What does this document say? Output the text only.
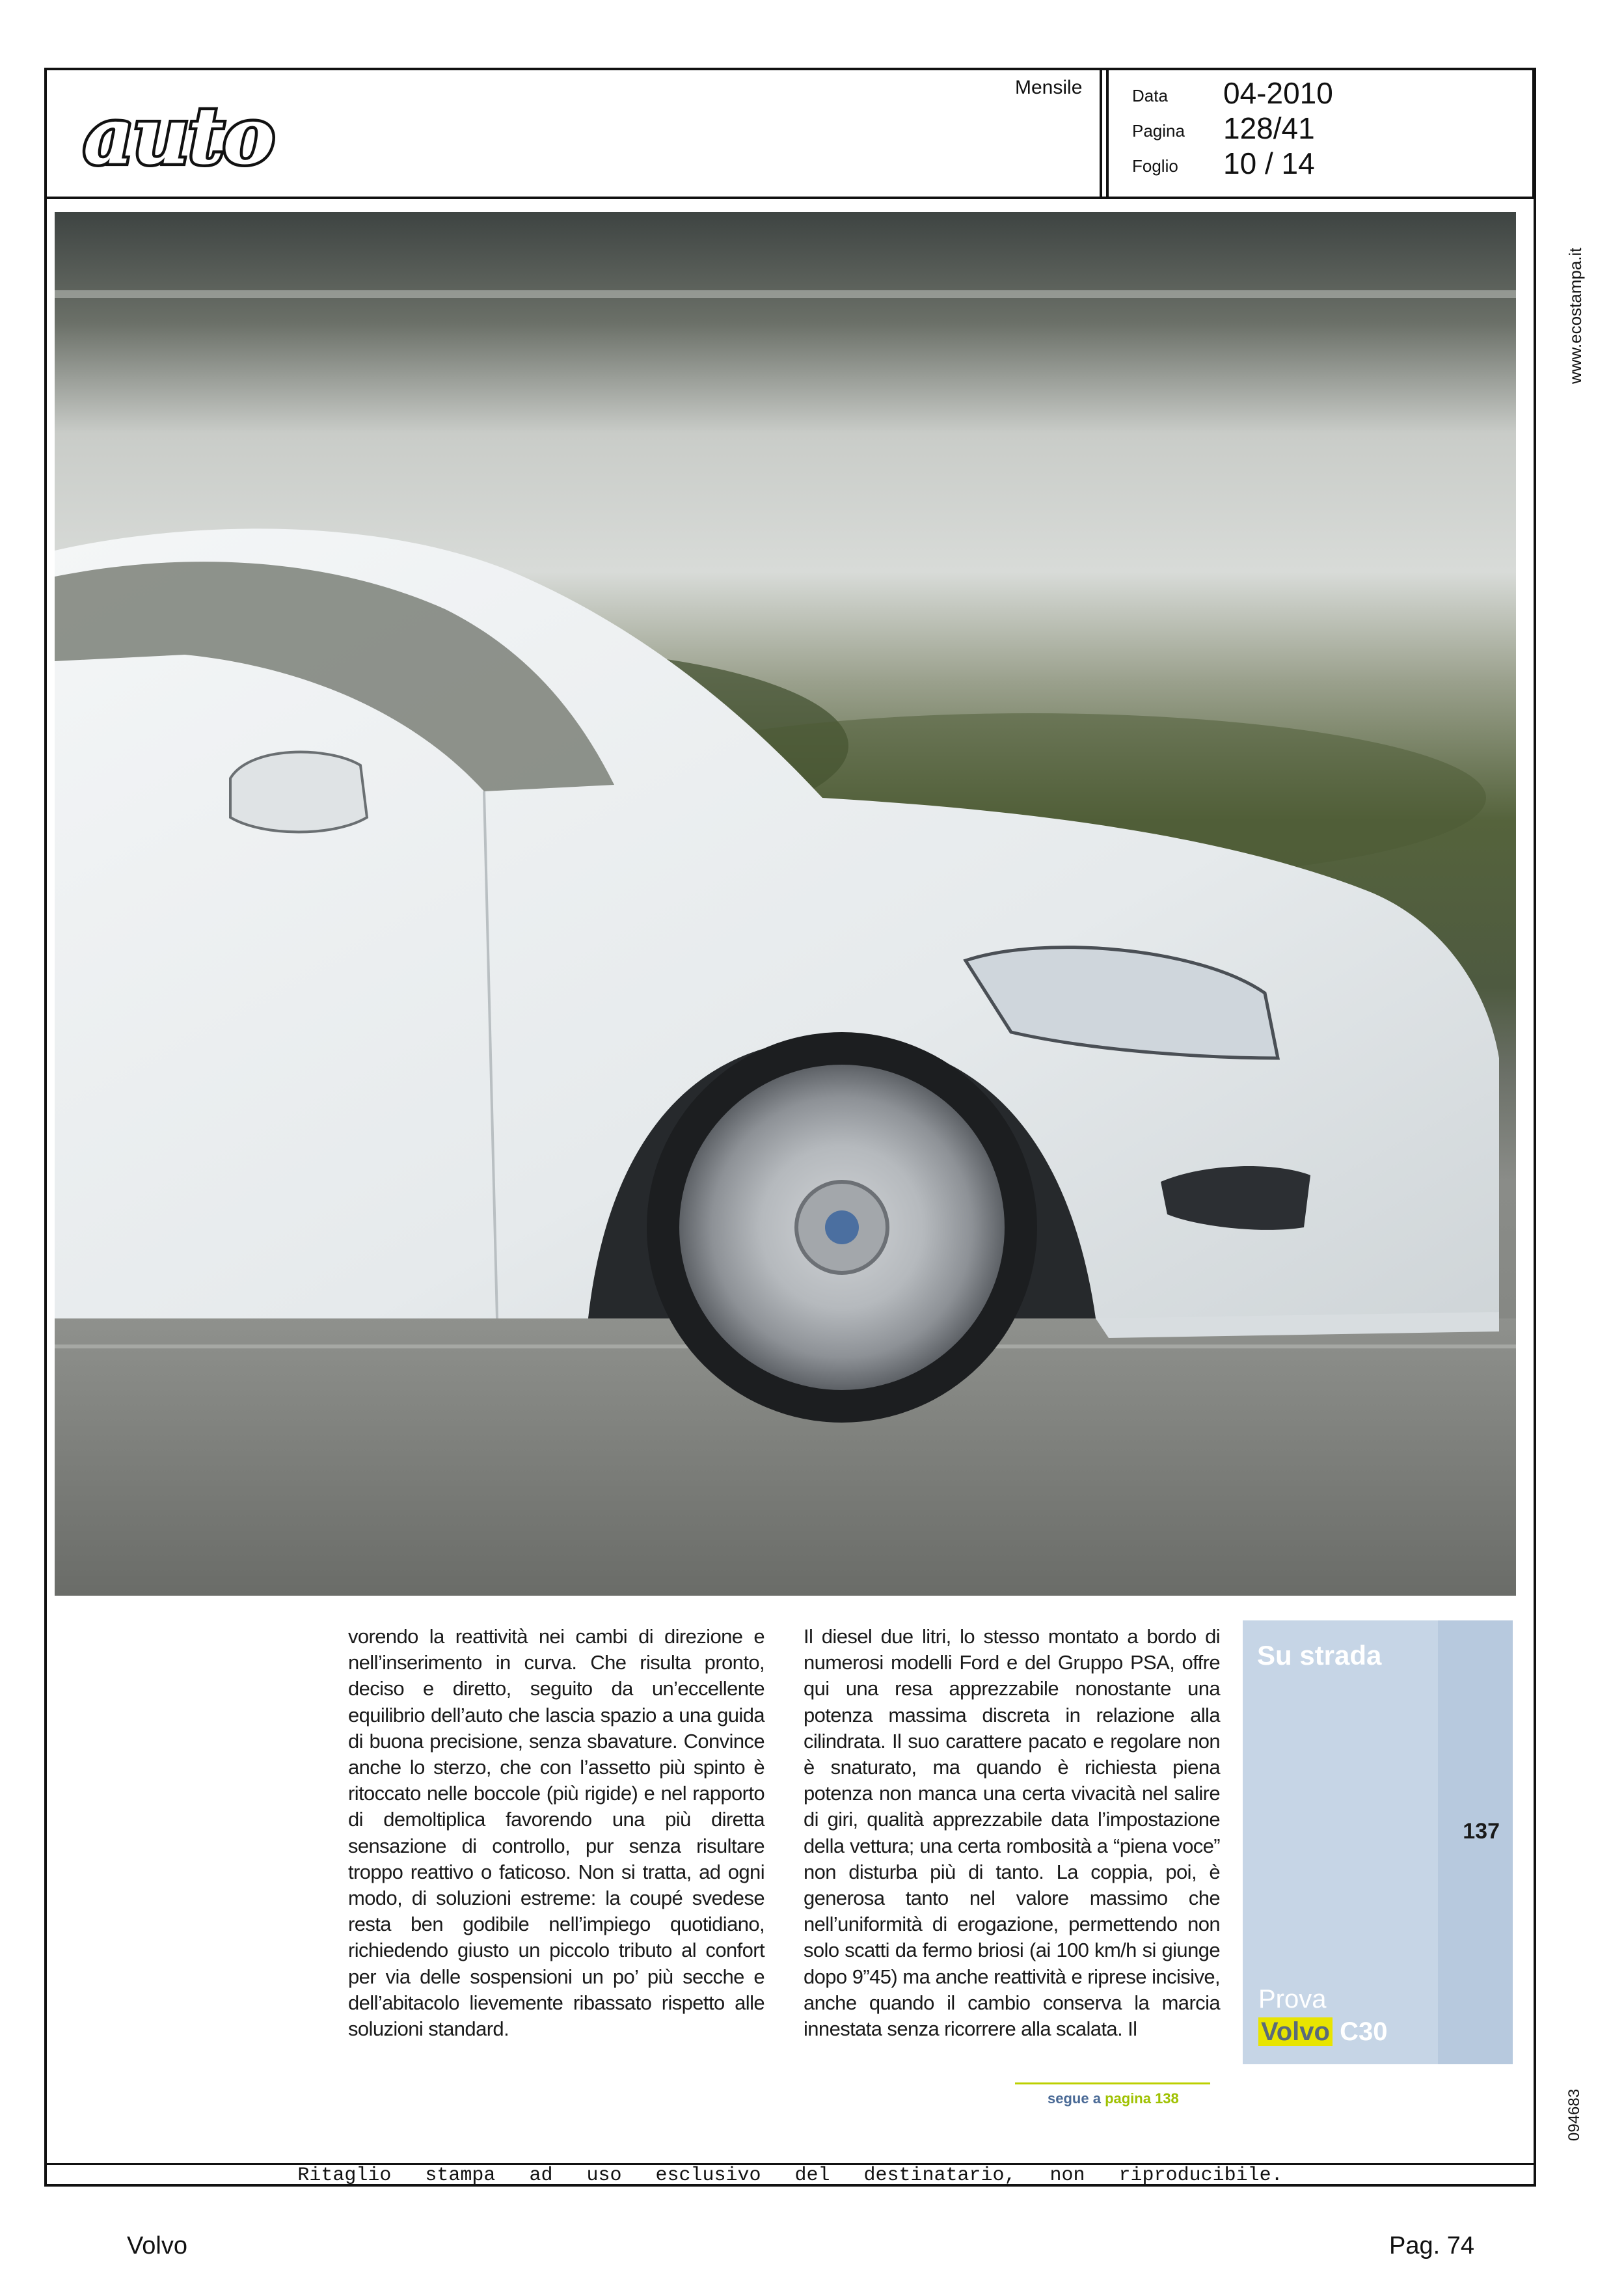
auto
Mensile	Data 04-2010
Pagina 128/41
Foglio 10 / 14
www.ecostampa.it
094683

vorendo la reattività nei cambi di direzione e nell’inserimento in curva. Che risulta pronto, deciso e diretto, seguito da un’eccellente equilibrio dell’auto che lascia spazio a una guida di buona precisione, senza sbavature. Convince anche lo sterzo, che con l’assetto più spinto è ritoccato nelle boccole (più rigide) e nel rapporto di demoltiplica favorendo una più diretta sensazione di controllo, pur senza risultare troppo reattivo o faticoso. Non si tratta, ad ogni modo, di soluzioni estreme: la coupé svedese resta ben godibile nell’impiego quotidiano, richiedendo giusto un piccolo tributo al confort per via delle sospensioni un po’ più secche e dell’abitacolo lievemente ribassato rispetto alle soluzioni standard.

Il diesel due litri, lo stesso montato a bordo di numerosi modelli Ford e del Gruppo PSA, offre qui una resa apprezzabile nonostante una potenza massima discreta in relazione alla cilindrata. Il suo carattere pacato e regolare non è snaturato, ma quando è richiesta piena potenza non manca una certa vivacità nel salire di giri, qualità apprezzabile data l’impostazione della vettura; una certa rombosità a “piena voce” non disturba più di tanto. La coppia, poi, è generosa tanto nel valore massimo che nell’uniformità di erogazione, permettendo non solo scatti da fermo briosi (ai 100 km/h si giunge dopo 9”45) ma anche reattività e riprese incisive, anche quando il cambio conserva la marcia innestata senza ricorrere alla scalata. Il

Su strada
137
Prova
Volvo C30
segue a pagina 138
Ritaglio stampa ad uso esclusivo del destinatario, non riproducibile.
Volvo	Pag. 74
